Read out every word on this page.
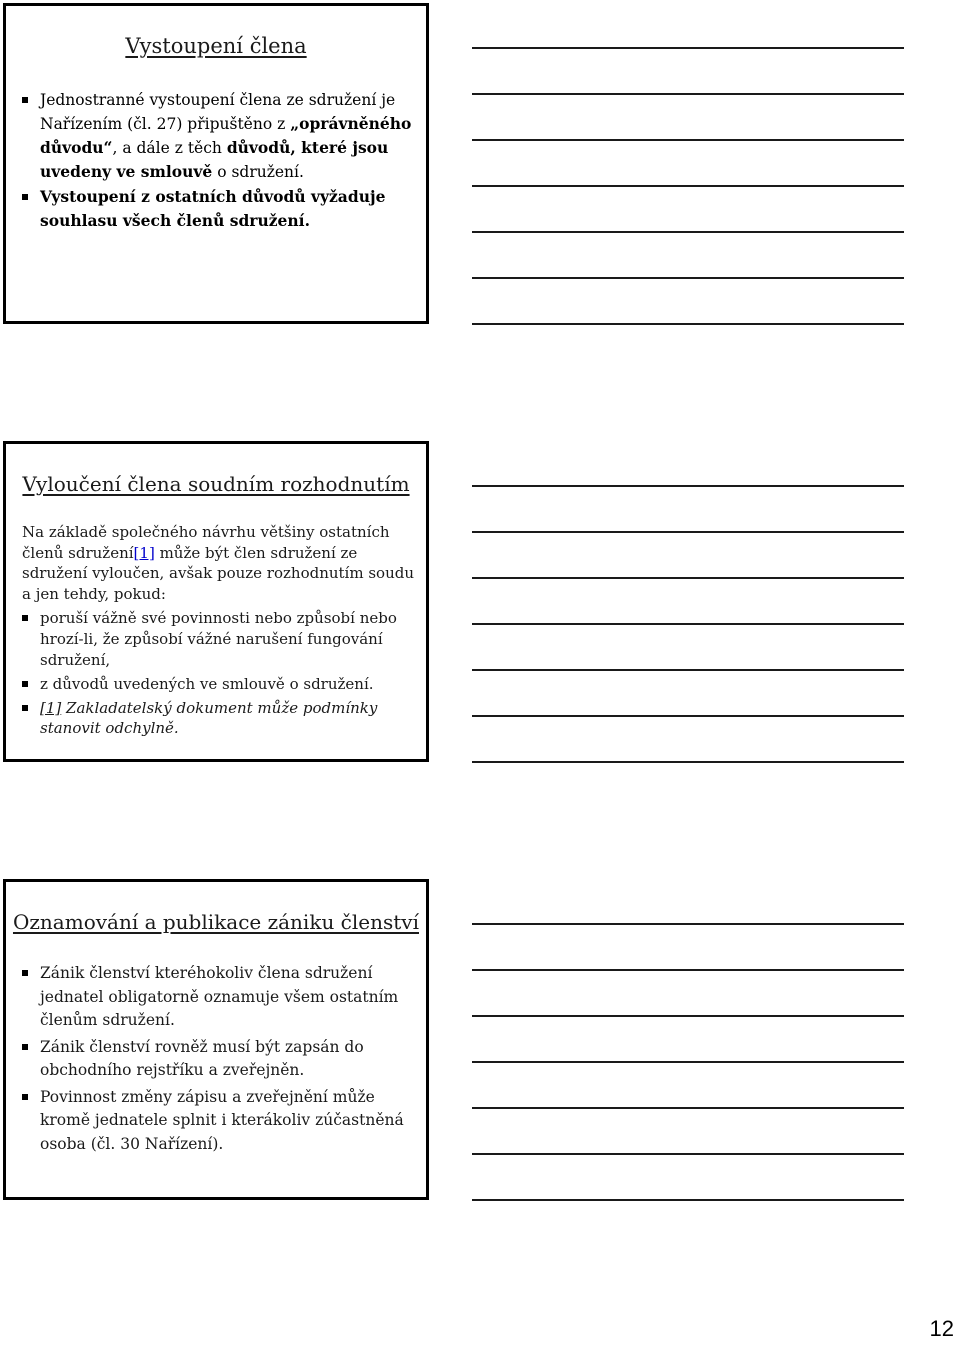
Vystoupení člena

Jednostranné vystoupení člena ze sdružení je Nařízením (čl. 27) připuštěno z „oprávněného důvodu“, a dále z těch důvodů, které jsou uvedeny ve smlouvě o sdružení.

Vystoupení z ostatních důvodů vyžaduje souhlasu všech členů sdružení.

Vyloučení člena soudním rozhodnutím

Na základě společného návrhu většiny ostatních členů sdružení[1] může být člen sdružení ze sdružení vyloučen, avšak pouze rozhodnutím soudu a jen tehdy, pokud:

poruší vážně své povinnosti nebo způsobí nebo hrozí-li, že způsobí vážné narušení fungování sdružení,

z důvodů uvedených ve smlouvě o sdružení.

[1] Zakladatelský dokument může podmínky stanovit odchylně.

Oznamování a publikace zániku členství

Zánik členství kteréhokoliv člena sdružení jednatel obligatorně oznamuje všem ostatním členům sdružení.

Zánik členství rovněž musí být zapsán do obchodního rejstříku a zveřejněn.

Povinnost změny zápisu a zveřejnění může kromě jednatele splnit i kterákoliv zúčastněná osoba (čl. 30 Nařízení).

12
